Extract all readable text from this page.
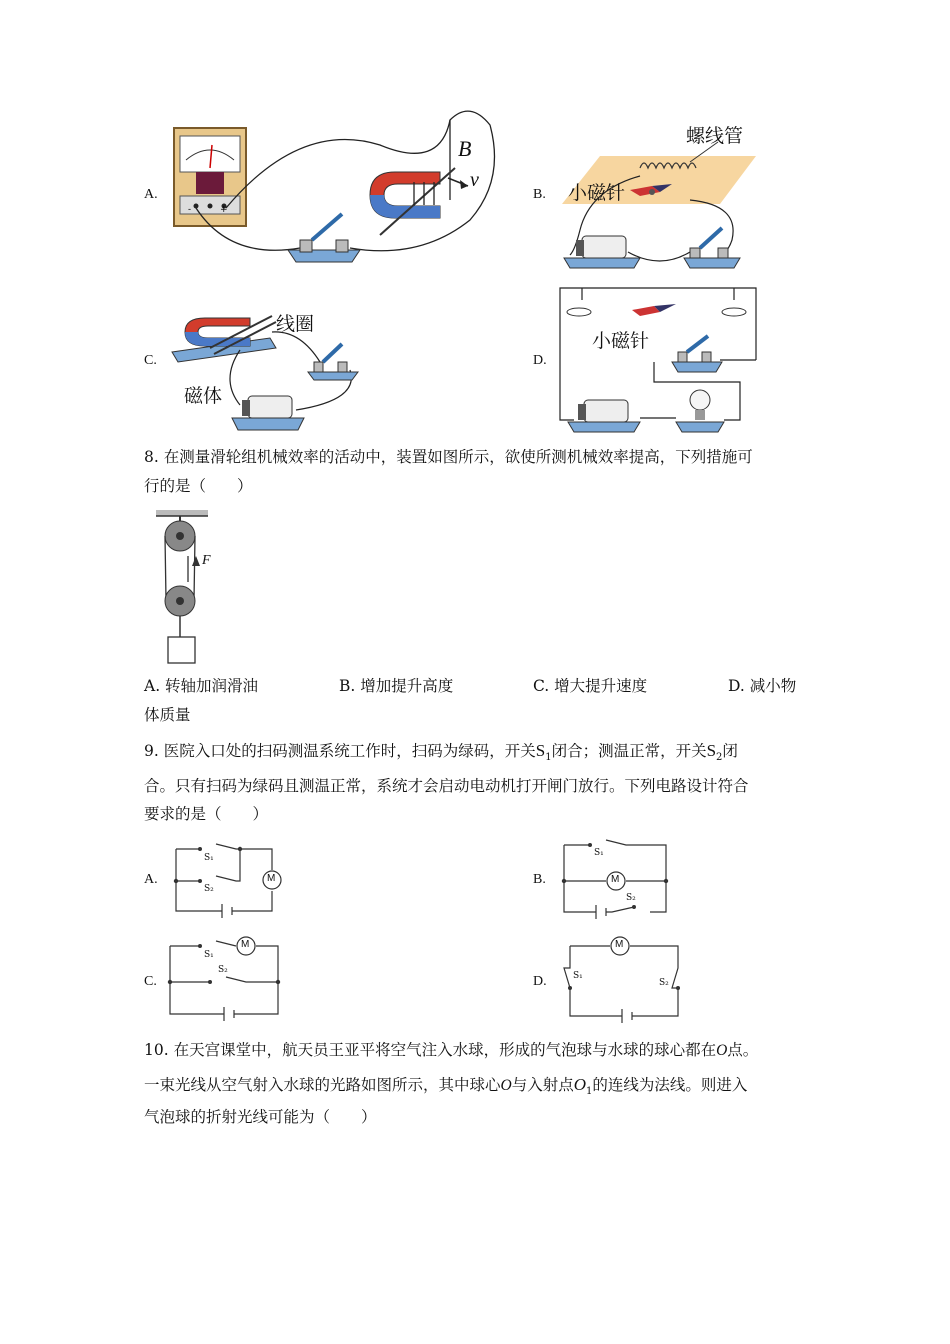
A.	B.
C.	D.
-	+
B
v
螺线管
小磁针
线圈
磁体
小磁针
8. 在测量滑轮组机械效率的活动中，装置如图所示，欲使所测机械效率提高，下列措施可
行的是（　　）
F
A. 转轴加润滑油	B. 增加提升高度	C. 增大提升速度	D. 减小物
体质量
9. 医院入口处的扫码测温系统工作时，扫码为绿码，开关$S_1$闭合；测温正常，开关$S_2$闭
合。只有扫码为绿码且测温正常，系统才会启动电动机打开闸门放行。下列电路设计符合
要求的是（　　）
A.	B.
C.	D.
M
S₁
S₂
M
S₁
S₂
M
S₁
S₂
M
S₁
S₂
10. 在天宫课堂中，航天员王亚平将空气注入水球，形成的气泡球与水球的球心都在O点。
一束光线从空气射入水球的光路如图所示，其中球心O与入射点$O_1$的连线为法线。则进入
气泡球的折射光线可能为（　　）
